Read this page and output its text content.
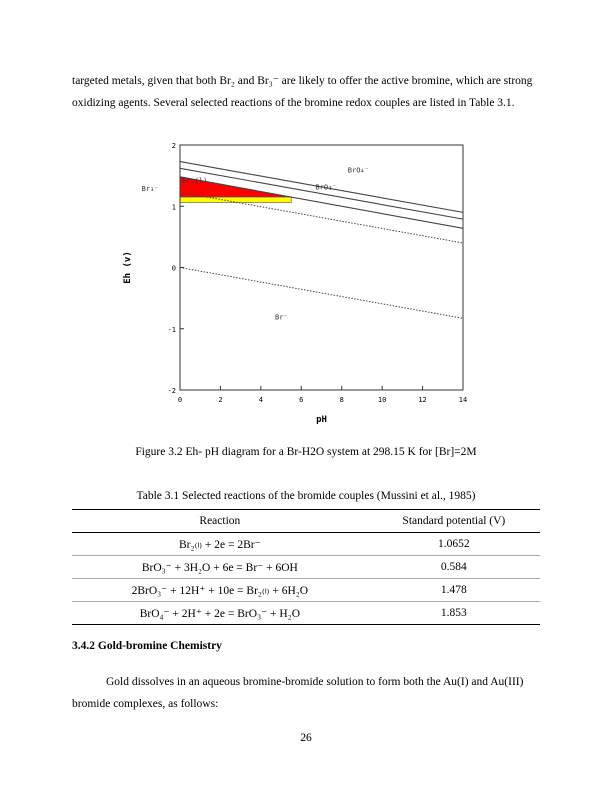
targeted metals, given that both Br₂ and Br₃⁻ are likely to offer the active bromine, which are strong
oxidizing agents. Several selected reactions of the bromine redox couples are listed in Table 3.1.

0	2	4	6	8	10	12	14
2
1
0
-1
-2
BrO₄⁻
BrO₃⁻
Br₃⁻
Br⁻
Br₂(l)
pH
Eh (v)
Figure 3.2 Eh- pH diagram for a Br-H2O system at 298.15 K for [Br]=2M
Table 3.1 Selected reactions of the bromide couples (Mussini et al., 1985)
Reaction	Standard potential (V)
Br₂₍ₗ₎ + 2e = 2Br⁻	1.0652
BrO₃⁻ + 3H₂O + 6e = Br⁻ + 6OH	0.584
2BrO₃⁻ + 12H⁺ + 10e = Br₂₍ₗ₎ + 6H₂O	1.478
BrO₄⁻ + 2H⁺ + 2e = BrO₃⁻ + H₂O	1.853
3.4.2 Gold-bromine Chemistry

Gold dissolves in an aqueous bromine-bromide solution to form both the Au(I) and Au(III)
bromide complexes, as follows:

26
